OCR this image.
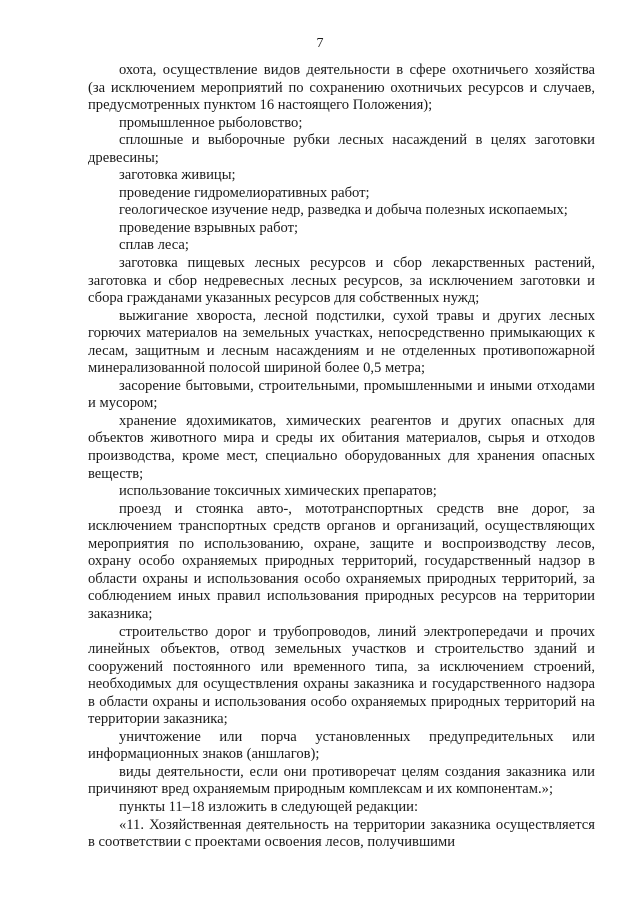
7

охота, осуществление видов деятельности в сфере охотничьего хозяйства (за исключением мероприятий по сохранению охотничьих ресурсов и случаев, предусмотренных пунктом 16 настоящего Положения);

промышленное рыболовство;

сплошные и выборочные рубки лесных насаждений в целях заготовки древесины;

заготовка живицы;

проведение гидромелиоративных работ;

геологическое изучение недр, разведка и добыча полезных ископаемых;

проведение взрывных работ;

сплав леса;

заготовка пищевых лесных ресурсов и сбор лекарственных растений, заготовка и сбор недревесных лесных ресурсов, за исключением заготовки и сбора гражданами указанных ресурсов для собственных нужд;

выжигание хвороста, лесной подстилки, сухой травы и других лесных горючих материалов на земельных участках, непосредственно примыкающих к лесам, защитным и лесным насаждениям и не отделенных противопожарной минерализованной полосой шириной более 0,5 метра;

засорение бытовыми, строительными, промышленными и иными отходами и мусором;

хранение ядохимикатов, химических реагентов и других опасных для объектов животного мира и среды их обитания материалов, сырья и отходов производства, кроме мест, специально оборудованных для хранения опасных веществ;

использование токсичных химических препаратов;

проезд и стоянка авто-, мототранспортных средств вне дорог, за исключением транспортных средств органов и организаций, осуществляющих мероприятия по использованию, охране, защите и воспроизводству лесов, охрану особо охраняемых природных территорий, государственный надзор в области охраны и использования особо охраняемых природных территорий, за соблюдением иных правил использования природных ресурсов на территории заказника;

строительство дорог и трубопроводов, линий электропередачи и прочих линейных объектов, отвод земельных участков и строительство зданий и сооружений постоянного или временного типа, за исключением строений, необходимых для осуществления охраны заказника и государственного надзора в области охраны и использования особо охраняемых природных территорий на территории заказника;

уничтожение или порча установленных предупредительных или информационных знаков (аншлагов);

виды деятельности, если они противоречат целям создания заказника или причиняют вред охраняемым природным комплексам и их компонентам.»;

пункты 11–18 изложить в следующей редакции:

«11. Хозяйственная деятельность на территории заказника осуществляется в соответствии с проектами освоения лесов, получившими
